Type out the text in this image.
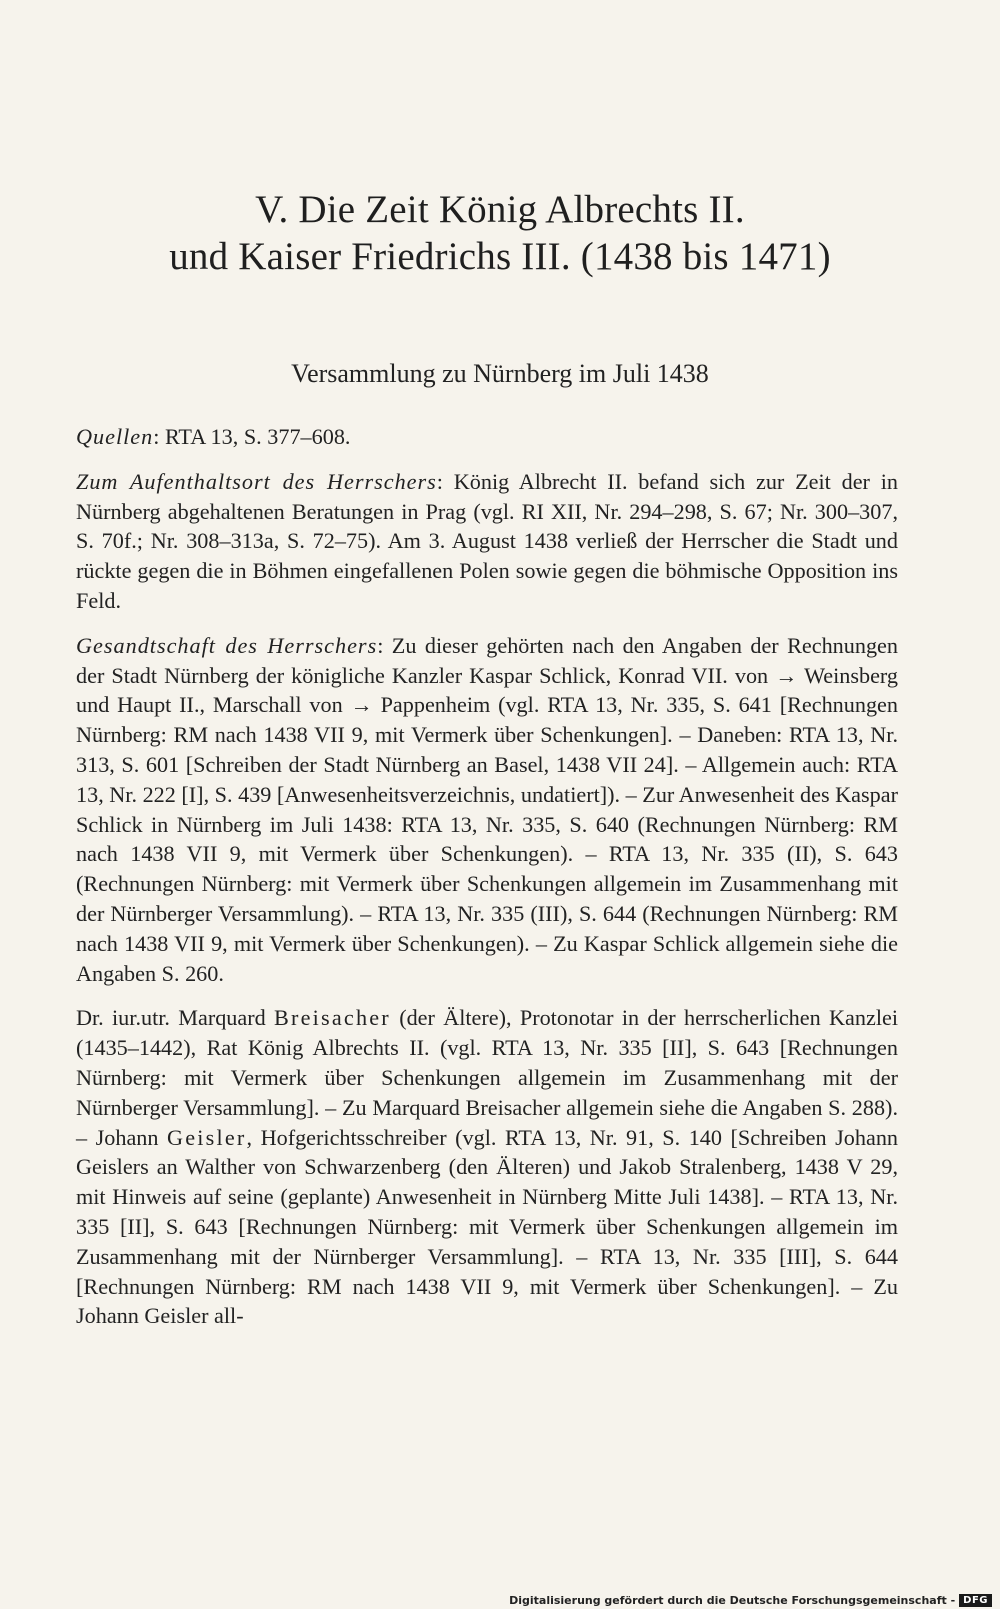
V. Die Zeit König Albrechts II.
und Kaiser Friedrichs III. (1438 bis 1471)
Versammlung zu Nürnberg im Juli 1438

Quellen: RTA 13, S. 377–608.

Zum Aufenthaltsort des Herrschers: König Albrecht II. befand sich zur Zeit der in Nürnberg abgehaltenen Beratungen in Prag (vgl. RI XII, Nr. 294–298, S. 67; Nr. 300–307, S. 70f.; Nr. 308–313a, S. 72–75). Am 3. August 1438 verließ der Herrscher die Stadt und rückte gegen die in Böhmen eingefallenen Polen sowie gegen die böhmische Opposition ins Feld.

Gesandtschaft des Herrschers: Zu dieser gehörten nach den Angaben der Rechnungen der Stadt Nürnberg der königliche Kanzler Kaspar Schlick, Konrad VII. von → Weinsberg und Haupt II., Marschall von → Pappenheim (vgl. RTA 13, Nr. 335, S. 641 [Rechnungen Nürnberg: RM nach 1438 VII 9, mit Vermerk über Schenkungen]. – Daneben: RTA 13, Nr. 313, S. 601 [Schreiben der Stadt Nürnberg an Basel, 1438 VII 24]. – Allgemein auch: RTA 13, Nr. 222 [I], S. 439 [Anwesenheitsverzeichnis, undatiert]). – Zur Anwesenheit des Kaspar Schlick in Nürnberg im Juli 1438: RTA 13, Nr. 335, S. 640 (Rechnungen Nürnberg: RM nach 1438 VII 9, mit Vermerk über Schenkungen). – RTA 13, Nr. 335 (II), S. 643 (Rechnungen Nürnberg: mit Vermerk über Schenkungen allgemein im Zusammenhang mit der Nürnberger Versammlung). – RTA 13, Nr. 335 (III), S. 644 (Rechnungen Nürnberg: RM nach 1438 VII 9, mit Vermerk über Schenkungen). – Zu Kaspar Schlick allgemein siehe die Angaben S. 260.

Dr. iur.utr. Marquard Breisacher (der Ältere), Protonotar in der herrscherlichen Kanzlei (1435–1442), Rat König Albrechts II. (vgl. RTA 13, Nr. 335 [II], S. 643 [Rechnungen Nürnberg: mit Vermerk über Schenkungen allgemein im Zusammenhang mit der Nürnberger Versammlung]. – Zu Marquard Breisacher allgemein siehe die Angaben S. 288). – Johann Geisler, Hofgerichtsschreiber (vgl. RTA 13, Nr. 91, S. 140 [Schreiben Johann Geislers an Walther von Schwarzenberg (den Älteren) und Jakob Stralenberg, 1438 V 29, mit Hinweis auf seine (geplante) Anwesenheit in Nürnberg Mitte Juli 1438]. – RTA 13, Nr. 335 [II], S. 643 [Rechnungen Nürnberg: mit Vermerk über Schenkungen allgemein im Zusammenhang mit der Nürnberger Versammlung]. – RTA 13, Nr. 335 [III], S. 644 [Rechnungen Nürnberg: RM nach 1438 VII 9, mit Vermerk über Schenkungen]. – Zu Johann Geisler all-

Digitalisierung gefördert durch die Deutsche Forschungsgemeinschaft - DFG
